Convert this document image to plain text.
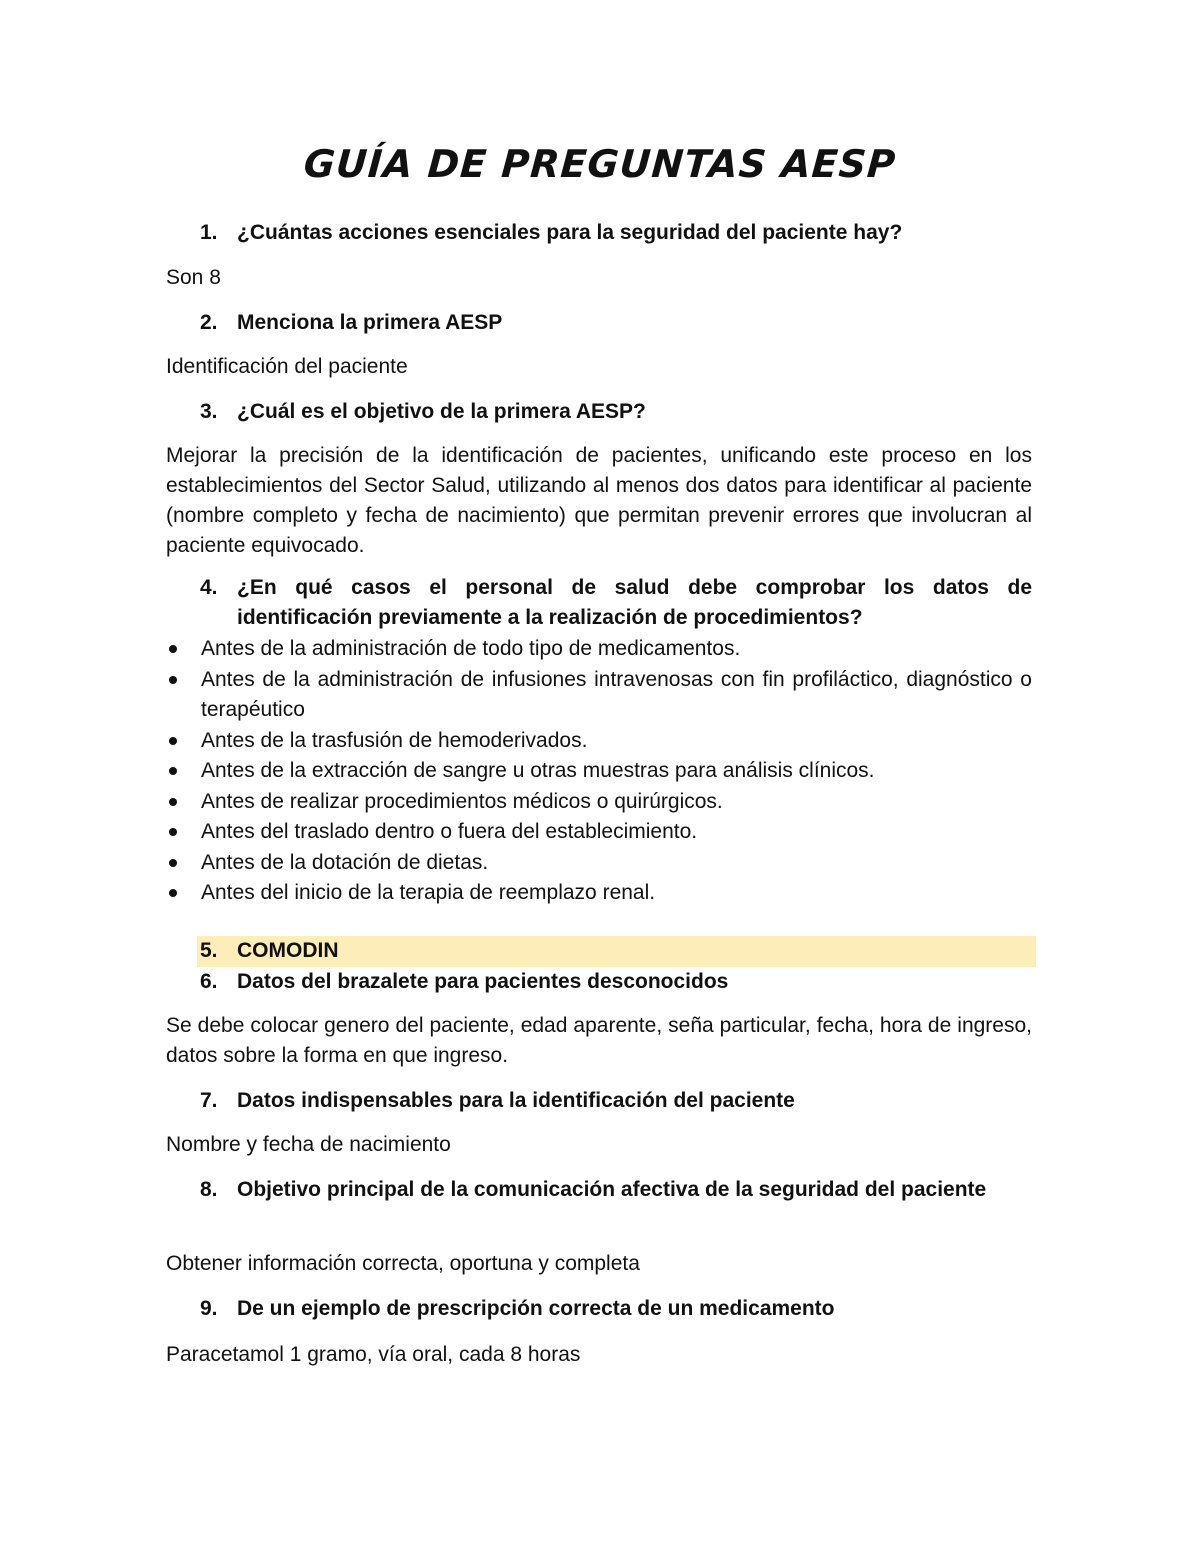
GUÍA DE PREGUNTAS AESP
1. ¿Cuántas acciones esenciales para la seguridad del paciente hay?

Son 8

2. Menciona la primera AESP

Identificación del paciente

3. ¿Cuál es el objetivo de la primera AESP?

Mejorar la precisión de la identificación de pacientes, unificando este proceso en los establecimientos del Sector Salud, utilizando al menos dos datos para identificar al paciente (nombre completo y fecha de nacimiento) que permitan prevenir errores que involucran al paciente equivocado.

4. ¿En qué casos el personal de salud debe comprobar los datos de identificación previamente a la realización de procedimientos?
Antes de la administración de todo tipo de medicamentos.
Antes de la administración de infusiones intravenosas con fin profiláctico, diagnóstico o terapéutico
Antes de la trasfusión de hemoderivados.
Antes de la extracción de sangre u otras muestras para análisis clínicos.
Antes de realizar procedimientos médicos o quirúrgicos.
Antes del traslado dentro o fuera del establecimiento.
Antes de la dotación de dietas.
Antes del inicio de la terapia de reemplazo renal.
5. COMODIN
6. Datos del brazalete para pacientes desconocidos

Se debe colocar genero del paciente, edad aparente, seña particular, fecha, hora de ingreso, datos sobre la forma en que ingreso.

7. Datos indispensables para la identificación del paciente

Nombre y fecha de nacimiento

8. Objetivo principal de la comunicación afectiva de la seguridad del paciente

Obtener información correcta, oportuna y completa

9. De un ejemplo de prescripción correcta de un medicamento

Paracetamol 1 gramo, vía oral, cada 8 horas
